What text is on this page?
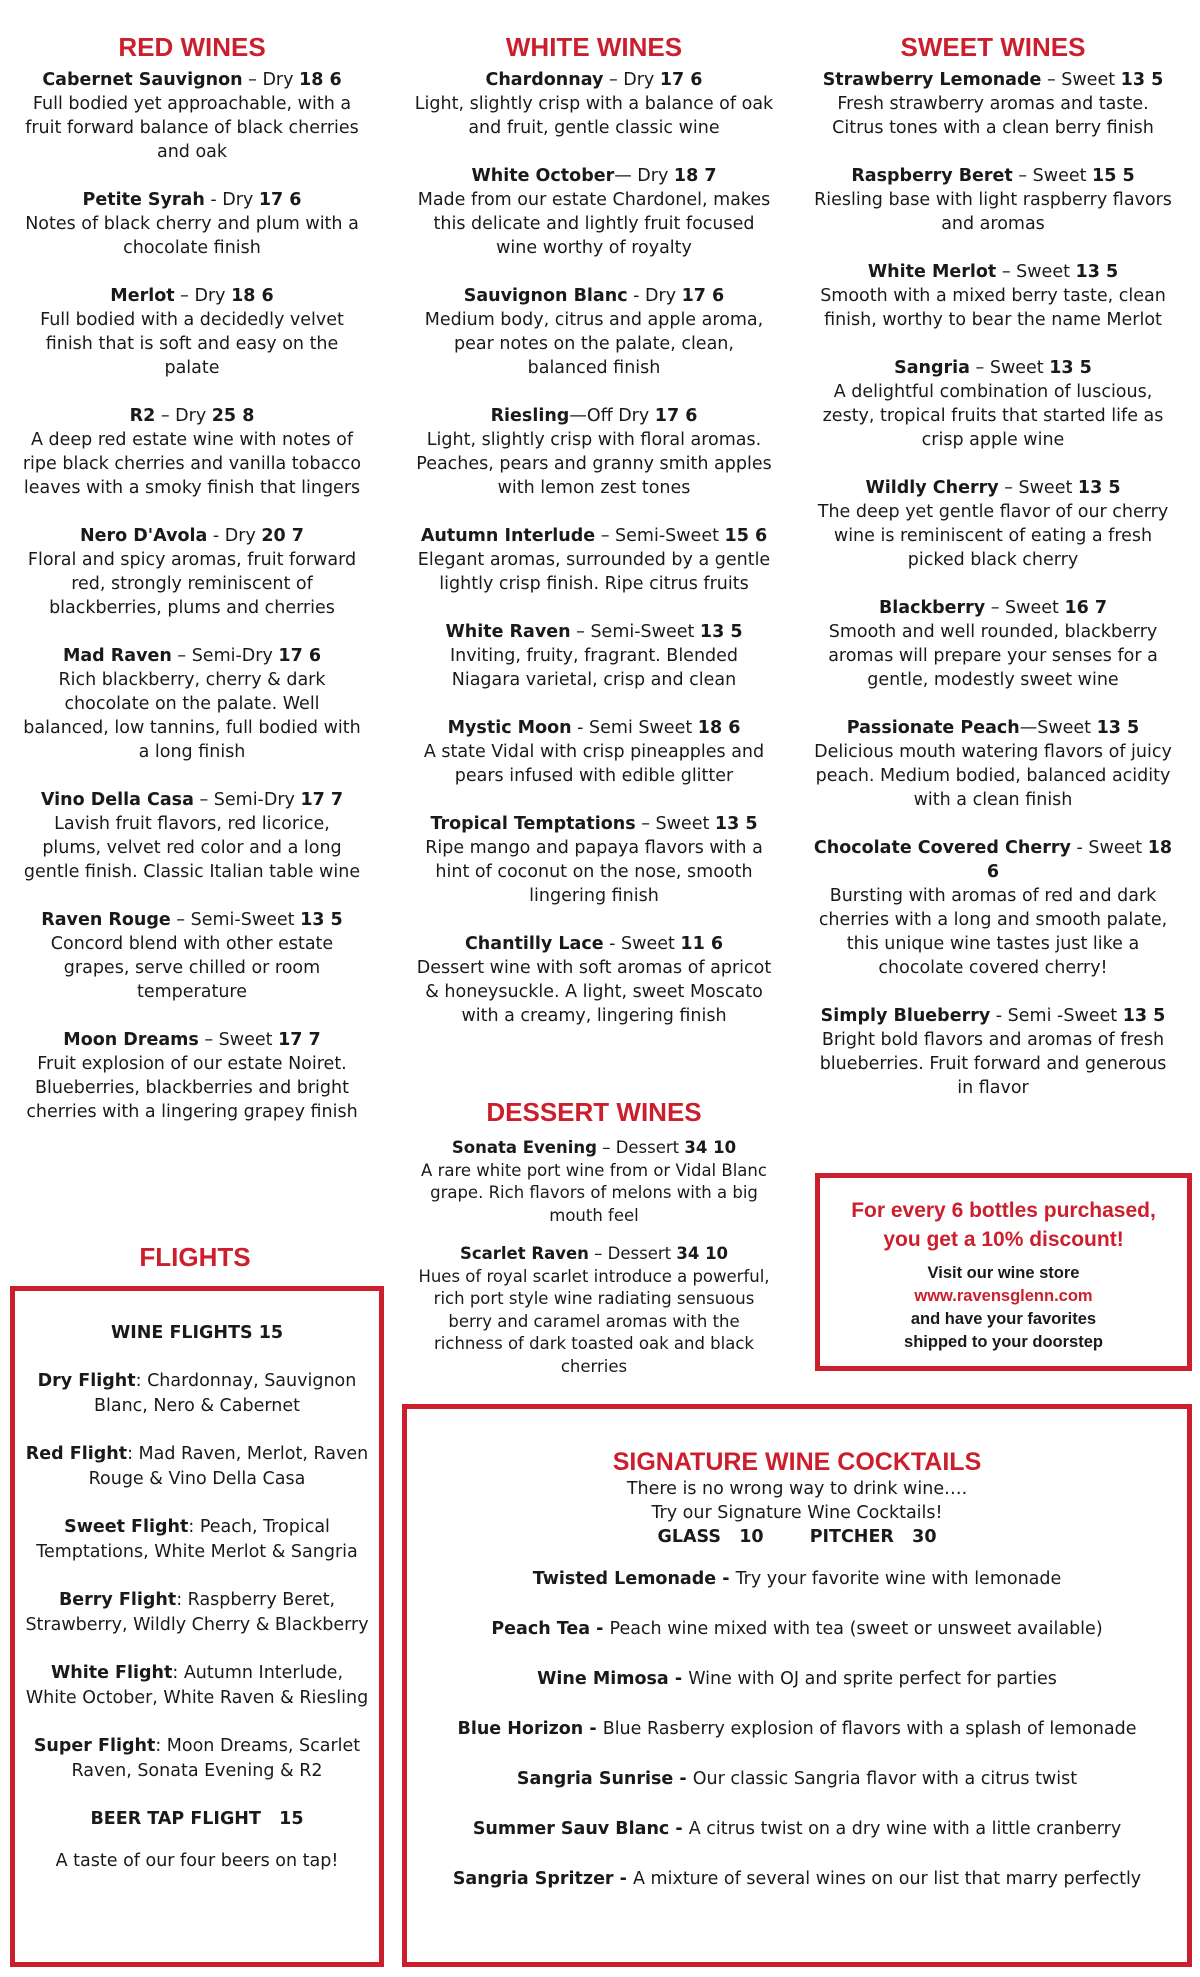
RED WINES

Cabernet Sauvignon – Dry 18 6
Full bodied yet approachable, with a fruit forward balance of black cherries and oak

Petite Syrah - Dry 17 6
Notes of black cherry and plum with a chocolate finish

Merlot – Dry 18 6
Full bodied with a decidedly velvet finish that is soft and easy on the palate

R2 – Dry 25 8
A deep red estate wine with notes of ripe black cherries and vanilla tobacco leaves with a smoky finish that lingers

Nero D'Avola - Dry 20 7
Floral and spicy aromas, fruit forward red, strongly reminiscent of blackberries, plums and cherries

Mad Raven – Semi-Dry 17 6
Rich blackberry, cherry & dark chocolate on the palate. Well balanced, low tannins, full bodied with a long finish

Vino Della Casa – Semi-Dry 17 7
Lavish fruit flavors, red licorice, plums, velvet red color and a long gentle finish. Classic Italian table wine

Raven Rouge – Semi-Sweet 13 5
Concord blend with other estate grapes, serve chilled or room temperature

Moon Dreams – Sweet 17 7
Fruit explosion of our estate Noiret. Blueberries, blackberries and bright cherries with a lingering grapey finish

FLIGHTS

WINE FLIGHTS 15

Dry Flight: Chardonnay, Sauvignon Blanc, Nero & Cabernet

Red Flight: Mad Raven, Merlot, Raven Rouge & Vino Della Casa

Sweet Flight: Peach, Tropical Temptations, White Merlot & Sangria

Berry Flight: Raspberry Beret, Strawberry, Wildly Cherry & Blackberry

White Flight: Autumn Interlude, White October, White Raven & Riesling

Super Flight: Moon Dreams, Scarlet Raven, Sonata Evening & R2

BEER TAP FLIGHT   15

A taste of our four beers on tap!

WHITE WINES

Chardonnay – Dry 17 6
Light, slightly crisp with a balance of oak and fruit, gentle classic wine

White October— Dry 18 7
Made from our estate Chardonel, makes this delicate and lightly fruit focused wine worthy of royalty

Sauvignon Blanc - Dry 17 6
Medium body, citrus and apple aroma, pear notes on the palate, clean, balanced finish

Riesling—Off Dry 17 6
Light, slightly crisp with floral aromas. Peaches, pears and granny smith apples with lemon zest tones

Autumn Interlude – Semi-Sweet 15 6
Elegant aromas, surrounded by a gentle lightly crisp finish. Ripe citrus fruits

White Raven – Semi-Sweet 13 5
Inviting, fruity, fragrant. Blended Niagara varietal, crisp and clean

Mystic Moon - Semi Sweet 18 6
A state Vidal with crisp pineapples and pears infused with edible glitter

Tropical Temptations – Sweet 13 5
Ripe mango and papaya flavors with a hint of coconut on the nose, smooth lingering finish

Chantilly Lace - Sweet 11 6
Dessert wine with soft aromas of apricot & honeysuckle. A light, sweet Moscato with a creamy, lingering finish

DESSERT WINES

Sonata Evening – Dessert 34 10
A rare white port wine from or Vidal Blanc grape. Rich flavors of melons with a big mouth feel

Scarlet Raven – Dessert 34 10
Hues of royal scarlet introduce a powerful, rich port style wine radiating sensuous berry and caramel aromas with the richness of dark toasted oak and black cherries

SWEET WINES

Strawberry Lemonade – Sweet 13 5
Fresh strawberry aromas and taste. Citrus tones with a clean berry finish

Raspberry Beret – Sweet 15 5
Riesling base with light raspberry flavors and aromas

White Merlot – Sweet 13 5
Smooth with a mixed berry taste, clean finish, worthy to bear the name Merlot

Sangria – Sweet 13 5
A delightful combination of luscious, zesty, tropical fruits that started life as crisp apple wine

Wildly Cherry – Sweet 13 5
The deep yet gentle flavor of our cherry wine is reminiscent of eating a fresh picked black cherry

Blackberry – Sweet 16 7
Smooth and well rounded, blackberry aromas will prepare your senses for a gentle, modestly sweet wine

Passionate Peach—Sweet 13 5
Delicious mouth watering flavors of juicy peach. Medium bodied, balanced acidity with a clean finish

Chocolate Covered Cherry - Sweet 18 6
Bursting with aromas of red and dark cherries with a long and smooth palate, this unique wine tastes just like a chocolate covered cherry!

Simply Blueberry - Semi -Sweet 13 5
Bright bold flavors and aromas of fresh blueberries. Fruit forward and generous in flavor

For every 6 bottles purchased,

you get a 10% discount!

Visit our wine store
www.ravensglenn.com
and have your favorites
shipped to your doorstep

SIGNATURE WINE COCKTAILS

There is no wrong way to drink wine….

Try our Signature Wine Cocktails!

GLASS   10	PITCHER   30

Twisted Lemonade - Try your favorite wine with lemonade

Peach Tea - Peach wine mixed with tea (sweet or unsweet available)

Wine Mimosa - Wine with OJ and sprite perfect for parties

Blue Horizon - Blue Rasberry explosion of flavors with a splash of lemonade

Sangria Sunrise - Our classic Sangria flavor with a citrus twist

Summer Sauv Blanc - A citrus twist on a dry wine with a little cranberry

Sangria Spritzer - A mixture of several wines on our list that marry perfectly
